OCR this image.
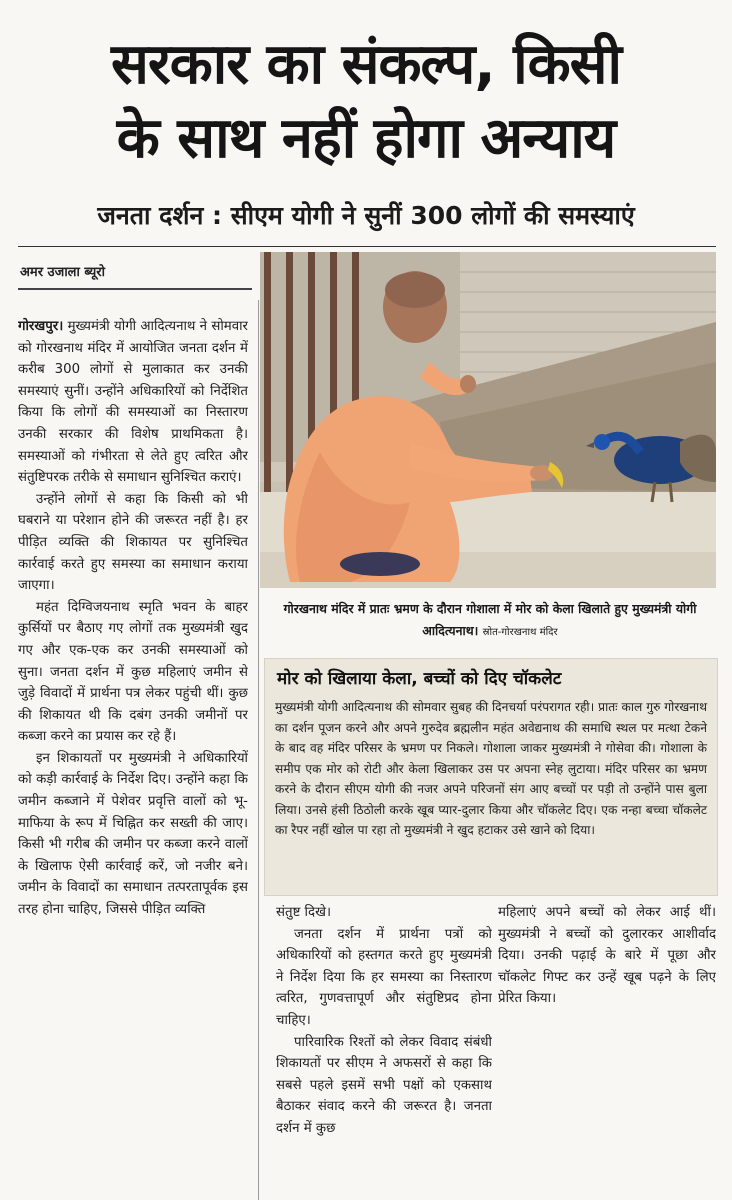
सरकार का संकल्प, किसी
के साथ नहीं होगा अन्याय
जनता दर्शन : सीएम योगी ने सुनीं 300 लोगों की समस्याएं
अमर उजाला ब्यूरो

गोरखपुर। मुख्यमंत्री योगी आदित्यनाथ ने सोमवार को गोरखनाथ मंदिर में आयोजित जनता दर्शन में करीब 300 लोगों से मुलाकात कर उनकी समस्याएं सुनीं। उन्होंने अधिकारियों को निर्देशित किया कि लोगों की समस्याओं का निस्तारण उनकी सरकार की विशेष प्राथमिकता है। समस्याओं को गंभीरता से लेते हुए त्वरित और संतुष्टिपरक तरीके से समाधान सुनिश्चित कराएं।

उन्होंने लोगों से कहा कि किसी को भी घबराने या परेशान होने की जरूरत नहीं है। हर पीड़ित व्यक्ति की शिकायत पर सुनिश्चित कार्रवाई करते हुए समस्या का समाधान कराया जाएगा।

महंत दिग्विजयनाथ स्मृति भवन के बाहर कुर्सियों पर बैठाए गए लोगों तक मुख्यमंत्री खुद गए और एक-एक कर उनकी समस्याओं को सुना। जनता दर्शन में कुछ महिलाएं जमीन से जुड़े विवादों में प्रार्थना पत्र लेकर पहुंची थीं। कुछ की शिकायत थी कि दबंग उनकी जमीनों पर कब्जा करने का प्रयास कर रहे हैं।

इन शिकायतों पर मुख्यमंत्री ने अधिकारियों को कड़ी कार्रवाई के निर्देश दिए। उन्होंने कहा कि जमीन कब्जाने में पेशेवर प्रवृत्ति वालों को भू-माफिया के रूप में चिह्नित कर सख्ती की जाए। किसी भी गरीब की जमीन पर कब्जा करने वालों के खिलाफ ऐसी कार्रवाई करें, जो नजीर बने। जमीन के विवादों का समाधान तत्परतापूर्वक इस तरह होना चाहिए, जिससे पीड़ित व्यक्ति

गोरखनाथ मंदिर में प्रातः भ्रमण के दौरान गोशाला में मोर को केला खिलाते हुए मुख्यमंत्री योगी आदित्यनाथ। स्रोत-गोरखनाथ मंदिर
मोर को खिलाया केला, बच्चों को दिए चॉकलेट
मुख्यमंत्री योगी आदित्यनाथ की सोमवार सुबह की दिनचर्या परंपरागत रही। प्रातः काल गुरु गोरखनाथ का दर्शन पूजन करने और अपने गुरुदेव ब्रह्मलीन महंत अवेद्यनाथ की समाधि स्थल पर मत्था टेकने के बाद वह मंदिर परिसर के भ्रमण पर निकले। गोशाला जाकर मुख्यमंत्री ने गोसेवा की। गोशाला के समीप एक मोर को रोटी और केला खिलाकर उस पर अपना स्नेह लुटाया। मंदिर परिसर का भ्रमण करने के दौरान सीएम योगी की नजर अपने परिजनों संग आए बच्चों पर पड़ी तो उन्होंने पास बुला लिया। उनसे हंसी ठिठोली करके खूब प्यार-दुलार किया और चॉकलेट दिए। एक नन्हा बच्चा चॉकलेट का रैपर नहीं खोल पा रहा तो मुख्यमंत्री ने खुद हटाकर उसे खाने को दिया।

संतुष्ट दिखे।

जनता दर्शन में प्रार्थना पत्रों को अधिकारियों को हस्तगत करते हुए मुख्यमंत्री ने निर्देश दिया कि हर समस्या का निस्तारण त्वरित, गुणवत्तापूर्ण और संतुष्टिप्रद होना चाहिए।

पारिवारिक रिश्तों को लेकर विवाद संबंधी शिकायतों पर सीएम ने अफसरों से कहा कि सबसे पहले इसमें सभी पक्षों को एकसाथ बैठाकर संवाद करने की जरूरत है। जनता दर्शन में कुछ

महिलाएं अपने बच्चों को लेकर आई थीं। मुख्यमंत्री ने बच्चों को दुलारकर आशीर्वाद दिया। उनकी पढ़ाई के बारे में पूछा और चॉकलेट गिफ्ट कर उन्हें खूब पढ़ने के लिए प्रेरित किया।
